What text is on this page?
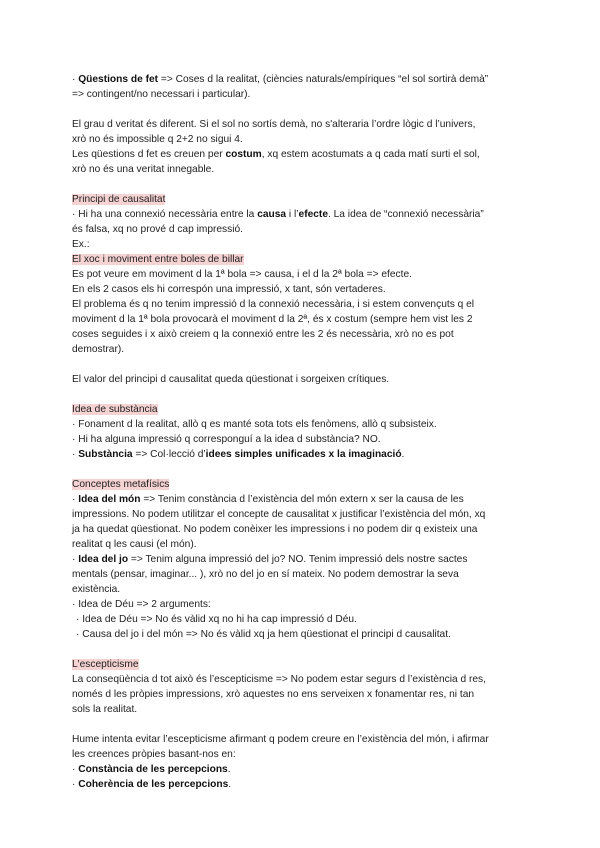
· Qüestions de fet => Coses d la realitat, (ciències naturals/empíriques “el sol sortirà demà”
=> contingent/no necessari i particular).
El grau d veritat és diferent. Si el sol no sortís demà, no s'alteraria l’ordre lògic d l’univers,
xrò no és impossible q 2+2 no sigui 4.
Les qüestions d fet es creuen per costum, xq estem acostumats a q cada matí surti el sol,
xrò no és una veritat innegable.
Principi de causalitat
· Hi ha una connexió necessària entre la causa i l’efecte. La idea de “connexió necessària”
és falsa, xq no prové d cap impressió.
Ex.:
El xoc i moviment entre boles de billar
Es pot veure em moviment d la 1ª bola => causa, i el d la 2ª bola => efecte.
En els 2 casos els hi correspón una impressió, x tant, són vertaderes.
El problema és q no tenim impressió d la connexió necessària, i si estem convençuts q el
moviment d la 1ª bola provocarà el moviment d la 2ª, és x costum (sempre hem vist les 2
coses seguides i x això creiem q la connexió entre les 2 és necessària, xrò no es pot
demostrar).
El valor del principi d causalitat queda qüestionat i sorgeixen crítiques.
Idea de substància
· Fonament d la realitat, allò q es manté sota tots els fenòmens, allò q subsisteix.
· Hi ha alguna impressió q corresponguí a la idea d substància? NO.
· Substància => Col·lecció d’idees simples unificades x la imaginació.
Conceptes metafísics
· Idea del món => Tenim constància d l’existència del món extern x ser la causa de les
impressions. No podem utilitzar el concepte de causalitat x justificar l’existència del món, xq
ja ha quedat qüestionat. No podem conèixer les impressions i no podem dir q existeix una
realitat q les causi (el món).
· Idea del jo => Tenim alguna impressió del jo? NO. Tenim impressió dels nostre sactes
mentals (pensar, imaginar... ), xrò no del jo en sí mateix. No podem demostrar la seva
existència.
· Idea de Déu => 2 arguments:
· Idea de Déu => No és vàlid xq no hi ha cap impressió d Déu.
· Causa del jo i del món => No és vàlid xq ja hem qüestionat el principi d causalitat.
L'escepticisme
La conseqüència d tot això és l’escepticisme => No podem estar segurs d l’existència d res,
només d les pròpies impressions, xrò aquestes no ens serveixen x fonamentar res, ni tan
sols la realitat.
Hume intenta evitar l’escepticisme afirmant q podem creure en l’existència del món, i afirmar
les creences pròpies basant-nos en:
· Constància de les percepcions.
· Coherència de les percepcions.
